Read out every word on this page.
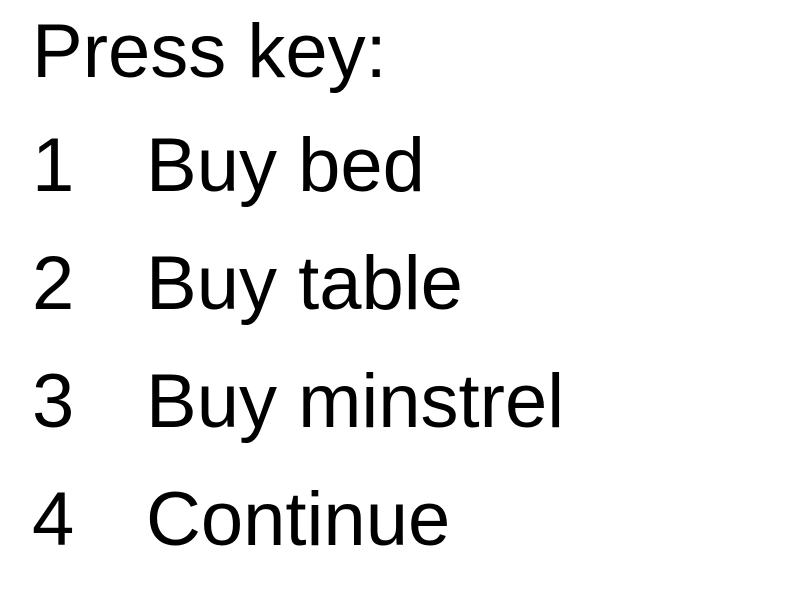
Press key:
1 Buy bed
2 Buy table
3 Buy minstrel
4 Continue
